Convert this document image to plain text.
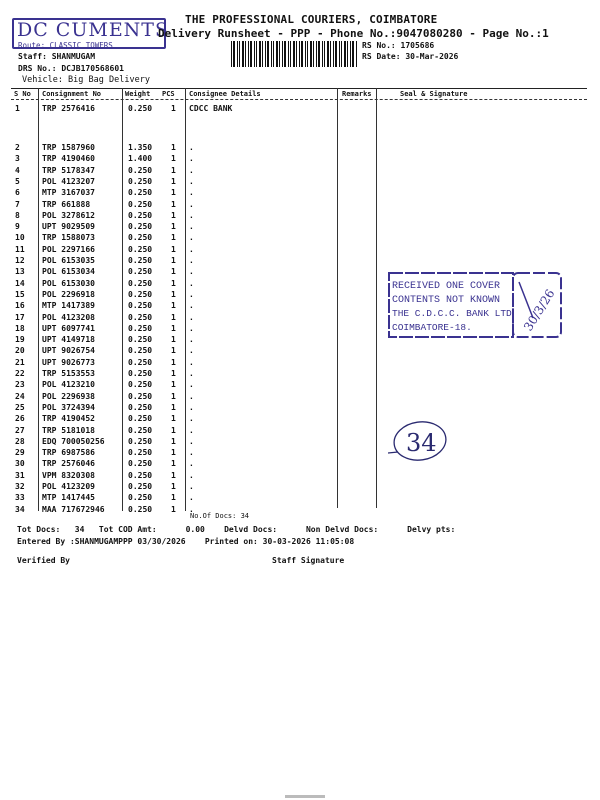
DC CUMENTS THE PROFESSIONAL COURIERS, COIMBATORE
Delivery Runsheet - PPP - Phone No.:9047080280 - Page No.:1
RS No.: 1705686
RS Date: 30-Mar-2026
Route: CLASSIC TOWERS
Staff: SHANMUGAM
DRS No.: DCJB170568601
Vehicle: Big Bag Delivery
S No Consignment No	Weight PCS Consignee Details	Remarks	Seal & Signature
1	TRP 2576416	0.250 1 CDCC BANK
2	TRP 1587960	1.350 1 .
3	TRP 4190460	1.400 1 .
4	TRP 5178347	0.250 1 .
5	POL 4123207	0.250 1 .
6	MTP 3167037	0.250 1 .
7	TRP 661888	0.250 1 .
8	POL 3278612	0.250 1 .
9	UPT 9029509	0.250 1 .
10 TRP 1588073	0.250 1 .
11 POL 2297166	0.250 1 .
12 POL 6153035	0.250 1 .
13 POL 6153034	0.250 1 .
14 POL 6153030	0.250 1 .
15 POL 2296918	0.250 1 .
16 MTP 1417389	0.250 1 .
17 POL 4123208	0.250 1 .
18 UPT 6097741	0.250 1 .
19 UPT 4149718	0.250 1 .
20 UPT 9026754	0.250 1 .
21 UPT 9026773	0.250 1 .
22 TRP 5153553	0.250 1 .
23 POL 4123210	0.250 1 .
24 POL 2296938	0.250 1 .
25 POL 3724394	0.250 1 .
26 TRP 4190452	0.250 1 .
27 TRP 5181018	0.250 1 .
28 EDQ 700050256	0.250 1 .
29 TRP 6987586	0.250 1 .
30 TRP 2576046	0.250 1 .
31 VPM 8320308	0.250 1 .
32 POL 4123209	0.250 1 .
33 MTP 1417445	0.250 1 .
34 MAA 717672946	0.250 1 .
No.Of Docs: 34
Tot Docs:   34   Tot COD Amt:      0.00    Delvd Docs:      Non Delvd Docs:      Delvy pts:
Entered By :SHANMUGAMPPP 03/30/2026    Printed on: 30-03-2026 11:05:08
Verified By	Staff Signature
RECEIVED ONE COVER
CONTENTS NOT KNOWN
THE C.D.C.C. BANK LTD
COIMBATORE-18.	30/3/26
34
